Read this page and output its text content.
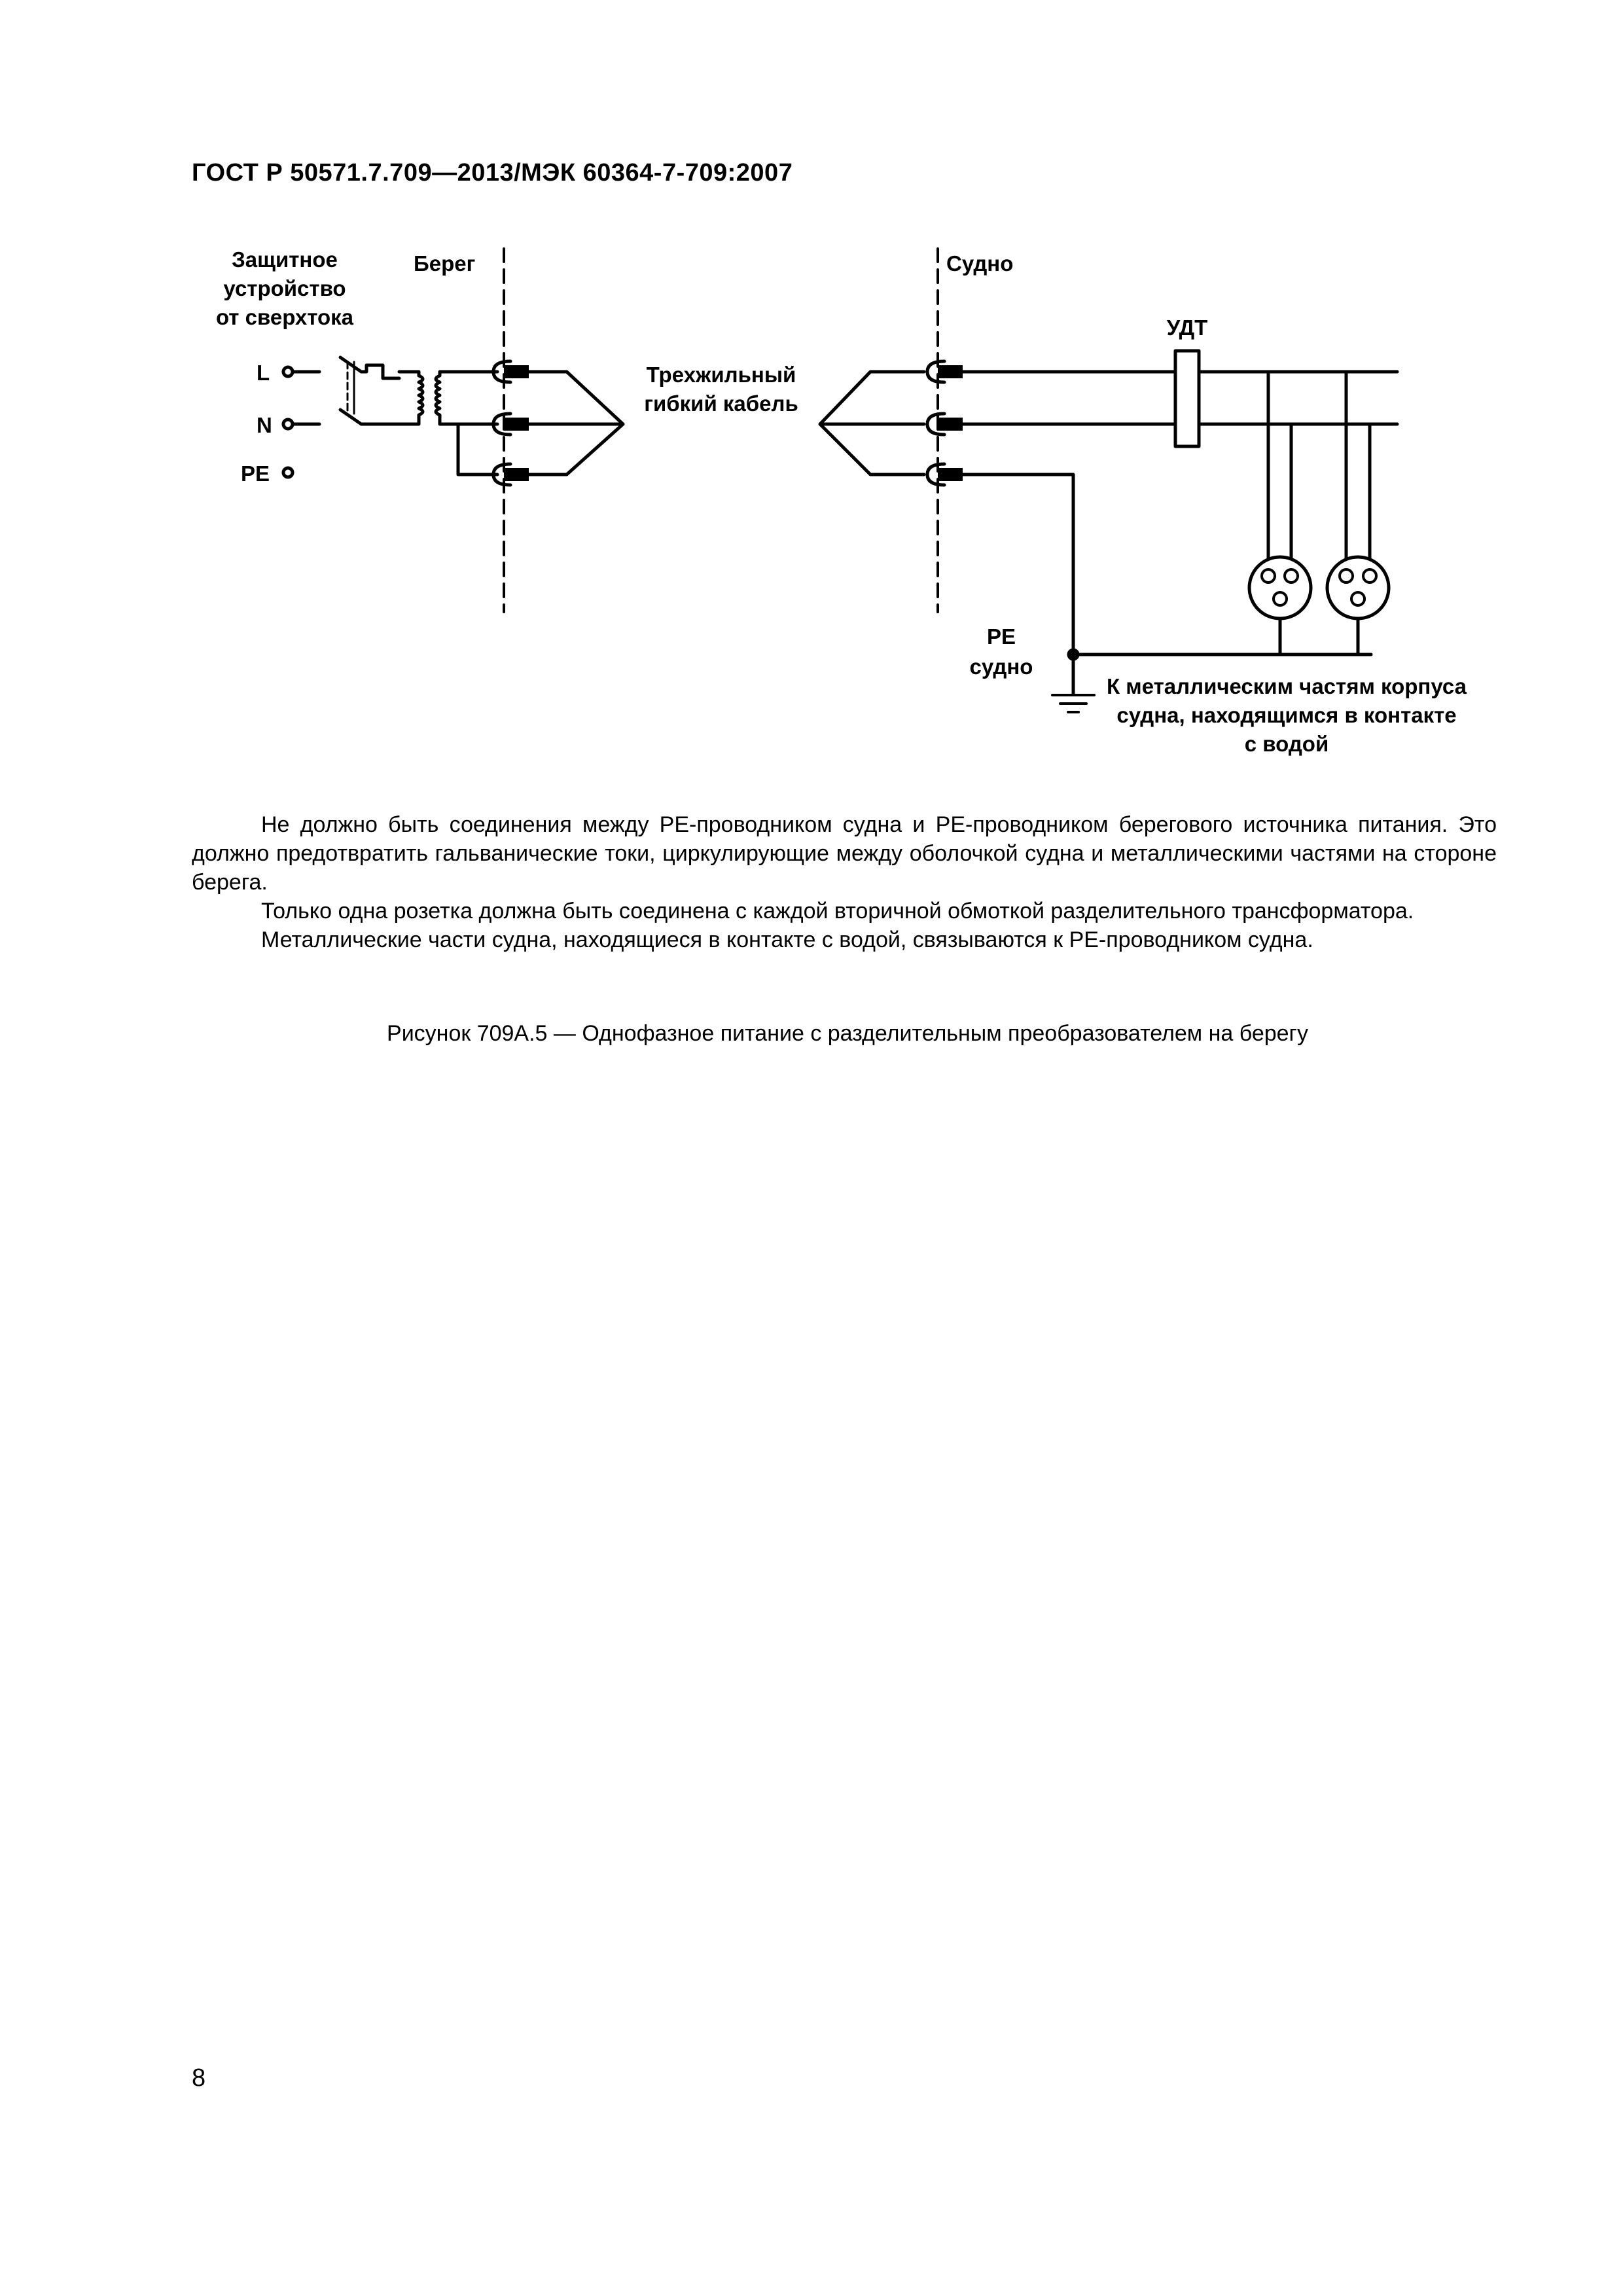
ГОСТ Р 50571.7.709—2013/МЭК 60364-7-709:2007
Защитное
устройство
от сверхтока
Берег	Судно
L
N
PE
Трехжильный
гибкий кабель
УДТ
PE
судно
К металлическим частям корпуса
судна, находящимся в контакте
с водой

Не должно быть соединения между PE-проводником судна и PE-проводником берегового источника питания. Это должно предотвратить гальванические токи, циркулирующие между оболочкой судна и металлическими частями на стороне берега.

Только одна розетка должна быть соединена с каждой вторичной обмоткой разделительного трансформатора.

Металлические части судна, находящиеся в контакте с водой, связываются к PE-проводником судна.

Рисунок 709А.5 — Однофазное питание с разделительным преобразователем на берегу
8
